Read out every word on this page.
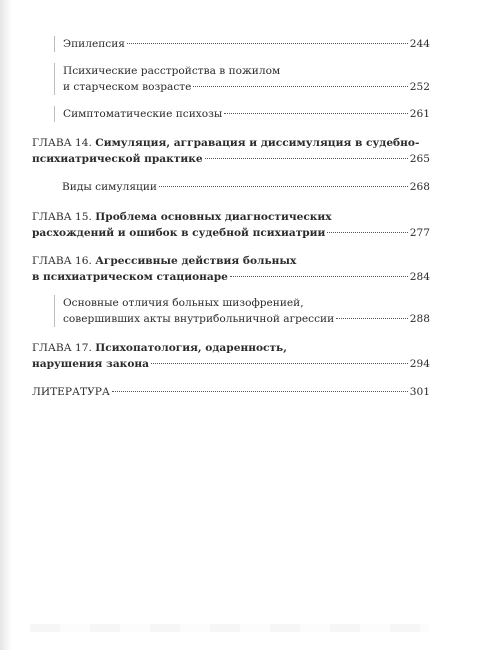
Эпилепсия	244
Психические расстройства в пожилом
и старческом возрасте	252
Симптоматические психозы	261
ГЛАВА 14. Симуляция, аггравация и диссимуляция в судебно-
психиатрической практике	265
Виды симуляции	268
ГЛАВА 15. Проблема основных диагностических
расхождений и ошибок в судебной психиатрии	277
ГЛАВА 16. Агрессивные действия больных
в психиатрическом стационаре	284
Основные отличия больных шизофренией,
совершивших акты внутрибольничной агрессии	288
ГЛАВА 17. Психопатология, одаренность,
нарушения закона	294
ЛИТЕРАТУРА	301
